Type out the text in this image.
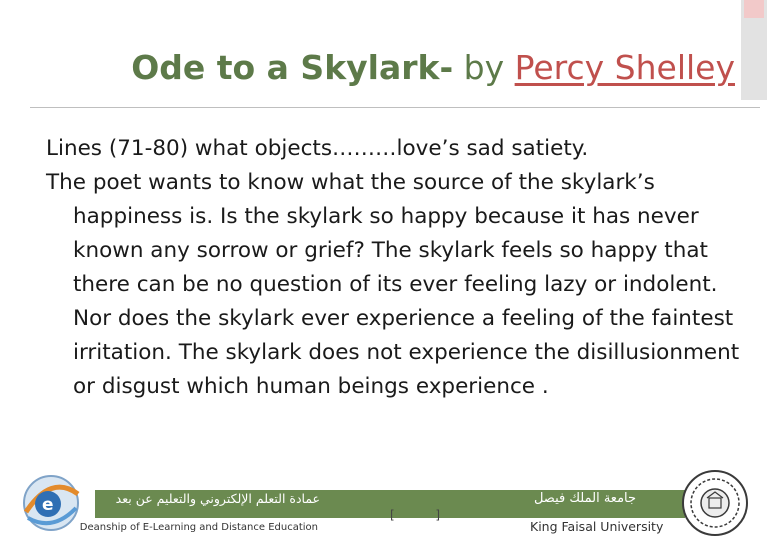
Ode to a Skylark- by Percy Shelley

Lines (71-80) what objects………love’s sad satiety.

The poet wants to know what the source of the skylark’s happiness is. Is the skylark so happy because it has never known any sorrow or grief? The skylark feels so happy that there can be no question of its ever feeling lazy or indolent. Nor does the skylark ever experience a feeling of the faintest irritation. The skylark does not experience the disillusionment or disgust which human beings experience .

e	عمادة التعلم الإلكتروني والتعليم عن بعد
Deanship of E-Learning and Distance Education
[	]
جامعة الملك فيصل
King Faisal University
